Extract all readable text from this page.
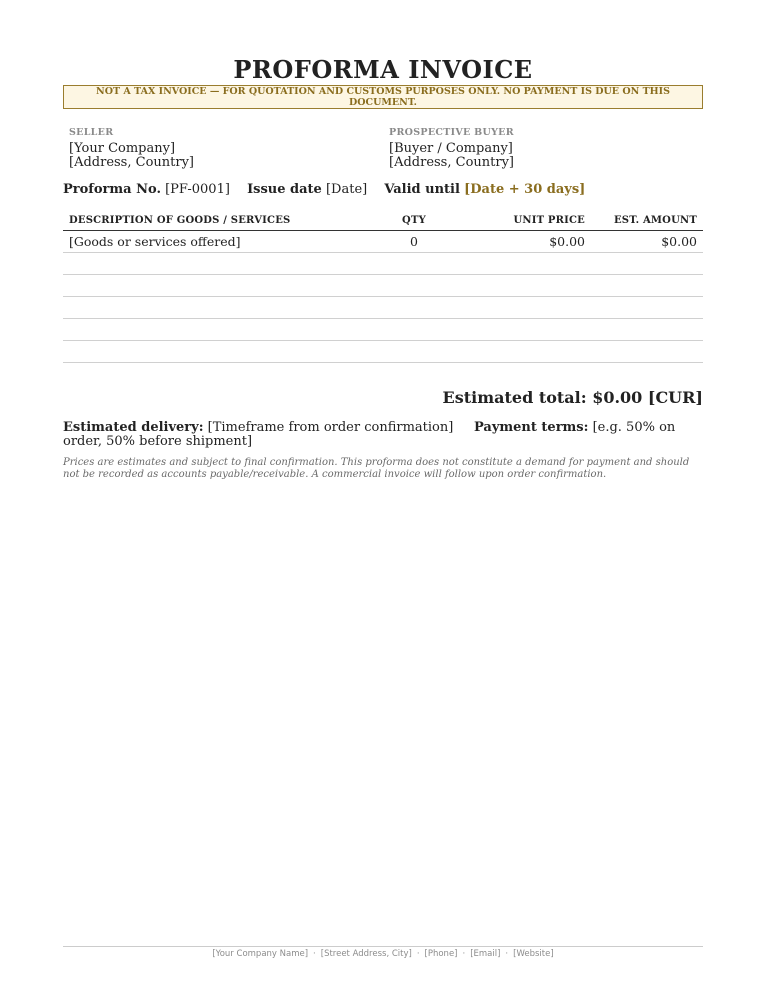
PROFORMA INVOICE
NOT A TAX INVOICE — FOR QUOTATION AND CUSTOMS PURPOSES ONLY. NO PAYMENT IS DUE ON THIS DOCUMENT.
SELLER
[Your Company]
[Address, Country]
PROSPECTIVE BUYER
[Buyer / Company]
[Address, Country]
Proforma No. [PF-0001] Issue date [Date] Valid until [Date + 30 days]
DESCRIPTION OF GOODS / SERVICES	QTY	UNIT PRICE	EST. AMOUNT
[Goods or services offered]	0	$0.00	$0.00

Estimated total: $0.00 [CUR]
Estimated delivery: [Timeframe from order confirmation] Payment terms: [e.g. 50% on order, 50% before shipment]
Prices are estimates and subject to final confirmation. This proforma does not constitute a demand for payment and should not be recorded as accounts payable/receivable. A commercial invoice will follow upon order confirmation.
[Your Company Name] · [Street Address, City] · [Phone] · [Email] · [Website]
